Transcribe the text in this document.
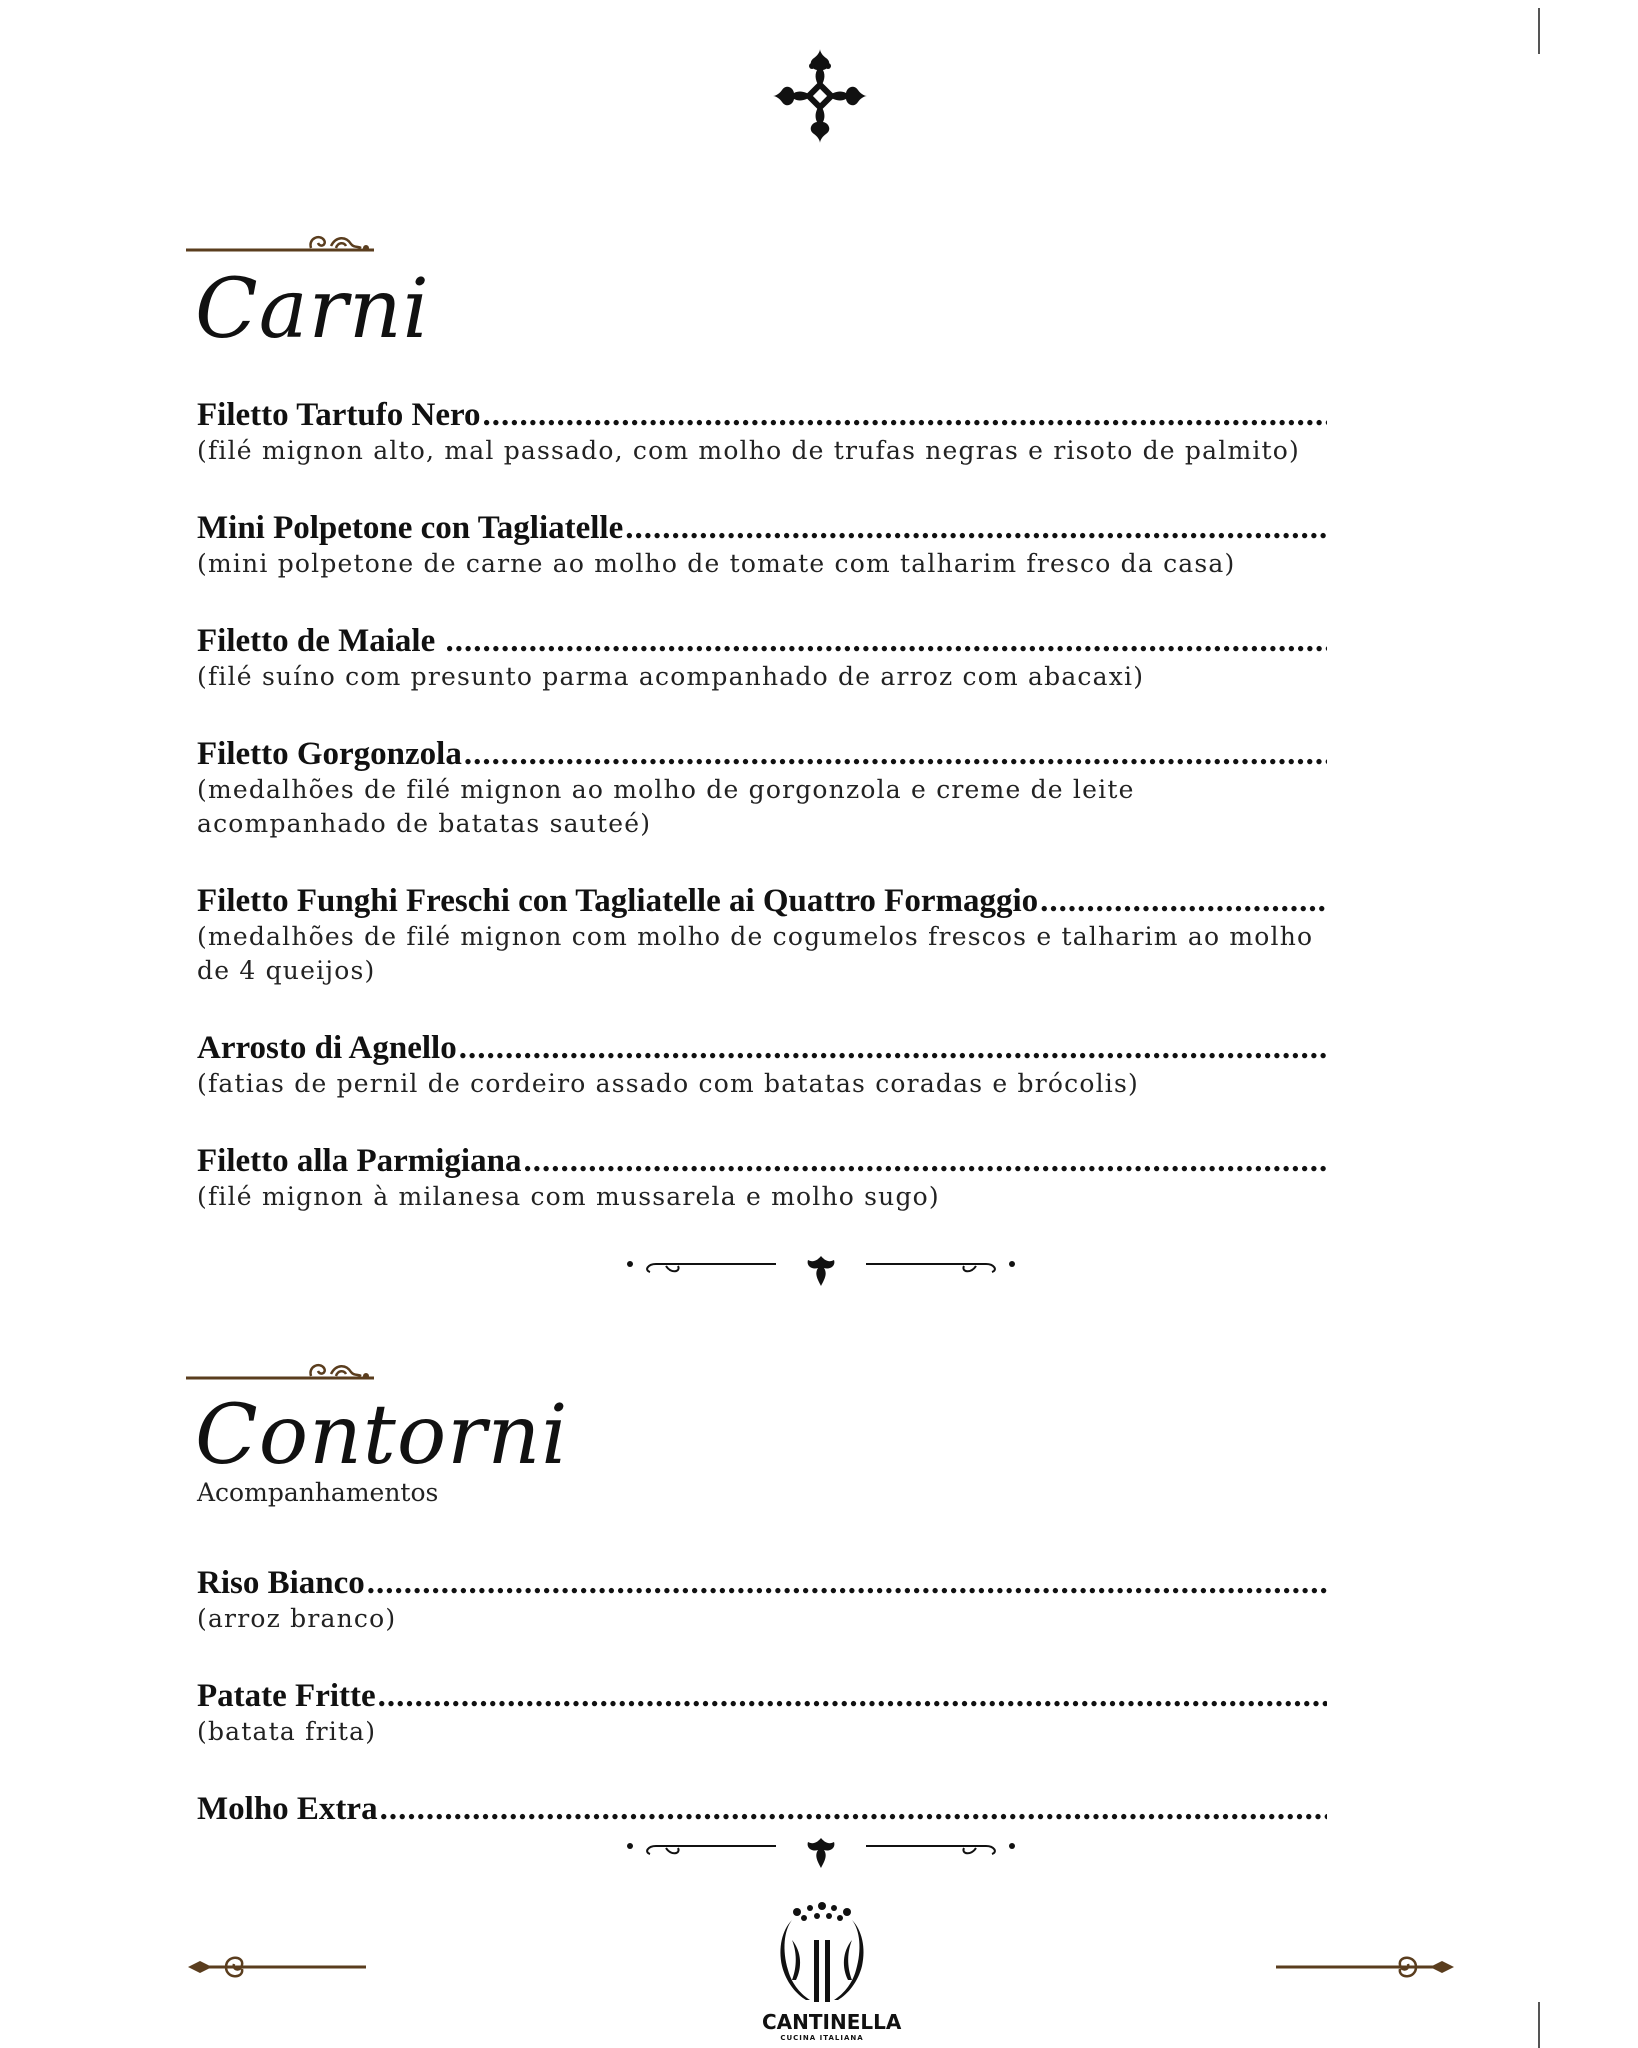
Carni
Filetto Tartufo Nero
.....
(filé mignon alto, mal passado, com molho de trufas negras e risoto de palmito)
Mini Polpetone con Tagliatelle
.....
(mini polpetone de carne ao molho de tomate com talharim fresco da casa)
Filetto de Maiale
.....
(filé suíno com presunto parma acompanhado de arroz com abacaxi)
Filetto Gorgonzola
.....
(medalhões de filé mignon ao molho de gorgonzola e creme de leite acompanhado de batatas sauteé)
Filetto Funghi Freschi con Tagliatelle ai Quattro Formaggio
.....
(medalhões de filé mignon com molho de cogumelos frescos e talharim ao molho de 4 queijos)
Arrosto di Agnello
.....
(fatias de pernil de cordeiro assado com batatas coradas e brócolis)
Filetto alla Parmigiana
.....
(filé mignon à milanesa com mussarela e molho sugo)
Contorni
Acompanhamentos
Riso Bianco
.....
(arroz branco)
Patate Fritte
.....
(batata frita)
Molho Extra
.....
CANTINELLA
CUCINA ITALIANA
